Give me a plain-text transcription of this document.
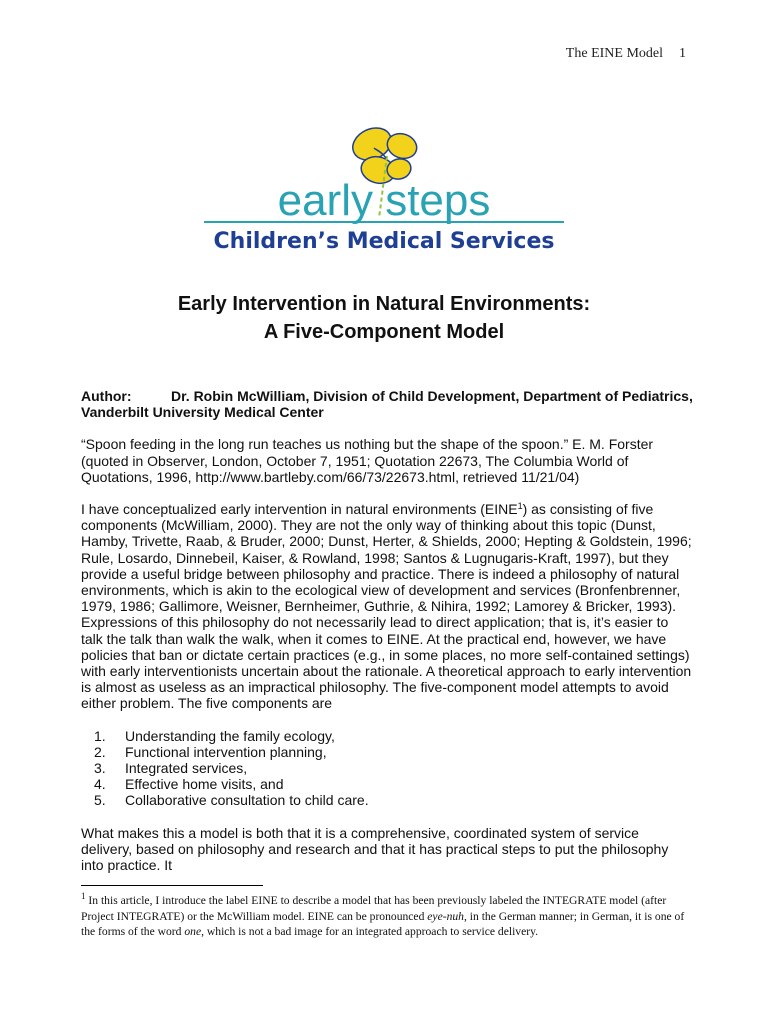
The EINE Model 1
early steps
Children’s Medical Services
Early Intervention in Natural Environments:
A Five-Component Model
Author:	Dr. Robin McWilliam, Division of Child Development, Department of Pediatrics, Vanderbilt University Medical Center

“Spoon feeding in the long run teaches us nothing but the shape of the spoon.” E. M. Forster (quoted in Observer, London, October 7, 1951; Quotation 22673, The Columbia World of Quotations, 1996, http://www.bartleby.com/66/73/22673.html, retrieved 11/21/04)

I have conceptualized early intervention in natural environments (EINE$^1$) as consisting of five components (McWilliam, 2000). They are not the only way of thinking about this topic (Dunst, Hamby, Trivette, Raab, & Bruder, 2000; Dunst, Herter, & Shields, 2000; Hepting & Goldstein, 1996; Rule, Losardo, Dinnebeil, Kaiser, & Rowland, 1998; Santos & Lugnugaris-Kraft, 1997), but they provide a useful bridge between philosophy and practice. There is indeed a philosophy of natural environments, which is akin to the ecological view of development and services (Bronfenbrenner, 1979, 1986; Gallimore, Weisner, Bernheimer, Guthrie, & Nihira, 1992; Lamorey & Bricker, 1993). Expressions of this philosophy do not necessarily lead to direct application; that is, it’s easier to talk the talk than walk the walk, when it comes to EINE. At the practical end, however, we have policies that ban or dictate certain practices (e.g., in some places, no more self-contained settings) with early interventionists uncertain about the rationale. A theoretical approach to early intervention is almost as useless as an impractical philosophy. The five-component model attempts to avoid either problem. The five components are

1. Understanding the family ecology,
2. Functional intervention planning,
3. Integrated services,
4. Effective home visits, and
5. Collaborative consultation to child care.

What makes this a model is both that it is a comprehensive, coordinated system of service delivery, based on philosophy and research and that it has practical steps to put the philosophy into practice. It

$^1$ In this article, I introduce the label EINE to describe a model that has been previously labeled the INTEGRATE model (after Project INTEGRATE) or the McWilliam model. EINE can be pronounced eye-nuh, in the German manner; in German, it is one of the forms of the word one, which is not a bad image for an integrated approach to service delivery.
